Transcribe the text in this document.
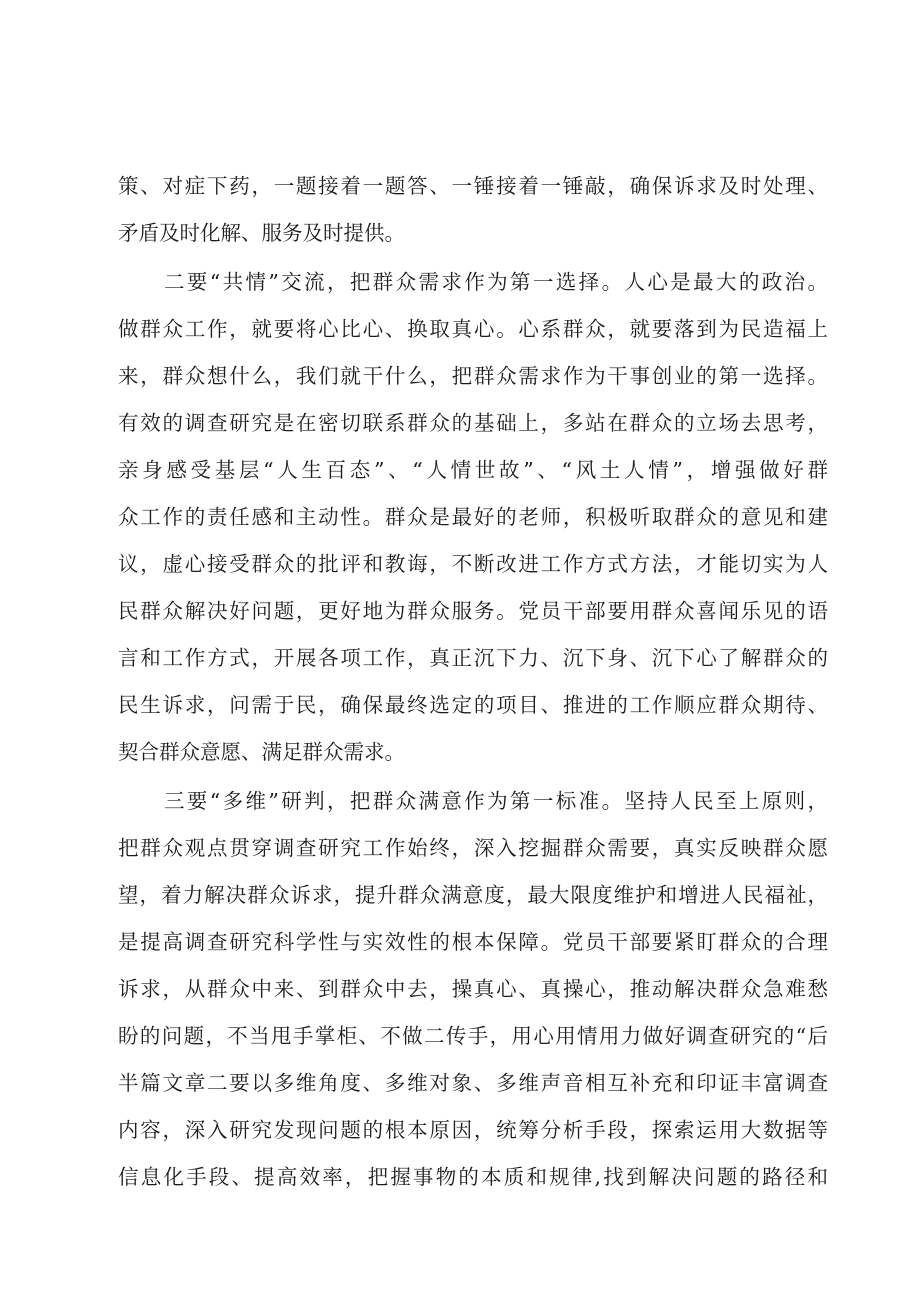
策、对症下药，一题接着一题答、一锤接着一锤敲，确保诉求及时处理、
矛盾及时化解、服务及时提供。
二要“共情”交流，把群众需求作为第一选择。人心是最大的政治。
做群众工作，就要将心比心、换取真心。心系群众，就要落到为民造福上
来，群众想什么，我们就干什么，把群众需求作为干事创业的第一选择。
有效的调查研究是在密切联系群众的基础上，多站在群众的立场去思考，
亲身感受基层“人生百态”、“人情世故”、“风土人情”，增强做好群
众工作的责任感和主动性。群众是最好的老师，积极听取群众的意见和建
议，虚心接受群众的批评和教诲，不断改进工作方式方法，才能切实为人
民群众解决好问题，更好地为群众服务。党员干部要用群众喜闻乐见的语
言和工作方式，开展各项工作，真正沉下力、沉下身、沉下心了解群众的
民生诉求，问需于民，确保最终选定的项目、推进的工作顺应群众期待、
契合群众意愿、满足群众需求。
三要“多维”研判，把群众满意作为第一标准。坚持人民至上原则，
把群众观点贯穿调查研究工作始终，深入挖掘群众需要，真实反映群众愿
望，着力解决群众诉求，提升群众满意度，最大限度维护和增进人民福祉，
是提高调查研究科学性与实效性的根本保障。党员干部要紧盯群众的合理
诉求，从群众中来、到群众中去，操真心、真操心，推动解决群众急难愁
盼的问题，不当甩手掌柜、不做二传手，用心用情用力做好调查研究的“后
半篇文章二要以多维角度、多维对象、多维声音相互补充和印证丰富调查
内容，深入研究发现问题的根本原因，统筹分析手段，探索运用大数据等
信息化手段、提高效率，把握事物的本质和规律,找到解决问题的路径和
